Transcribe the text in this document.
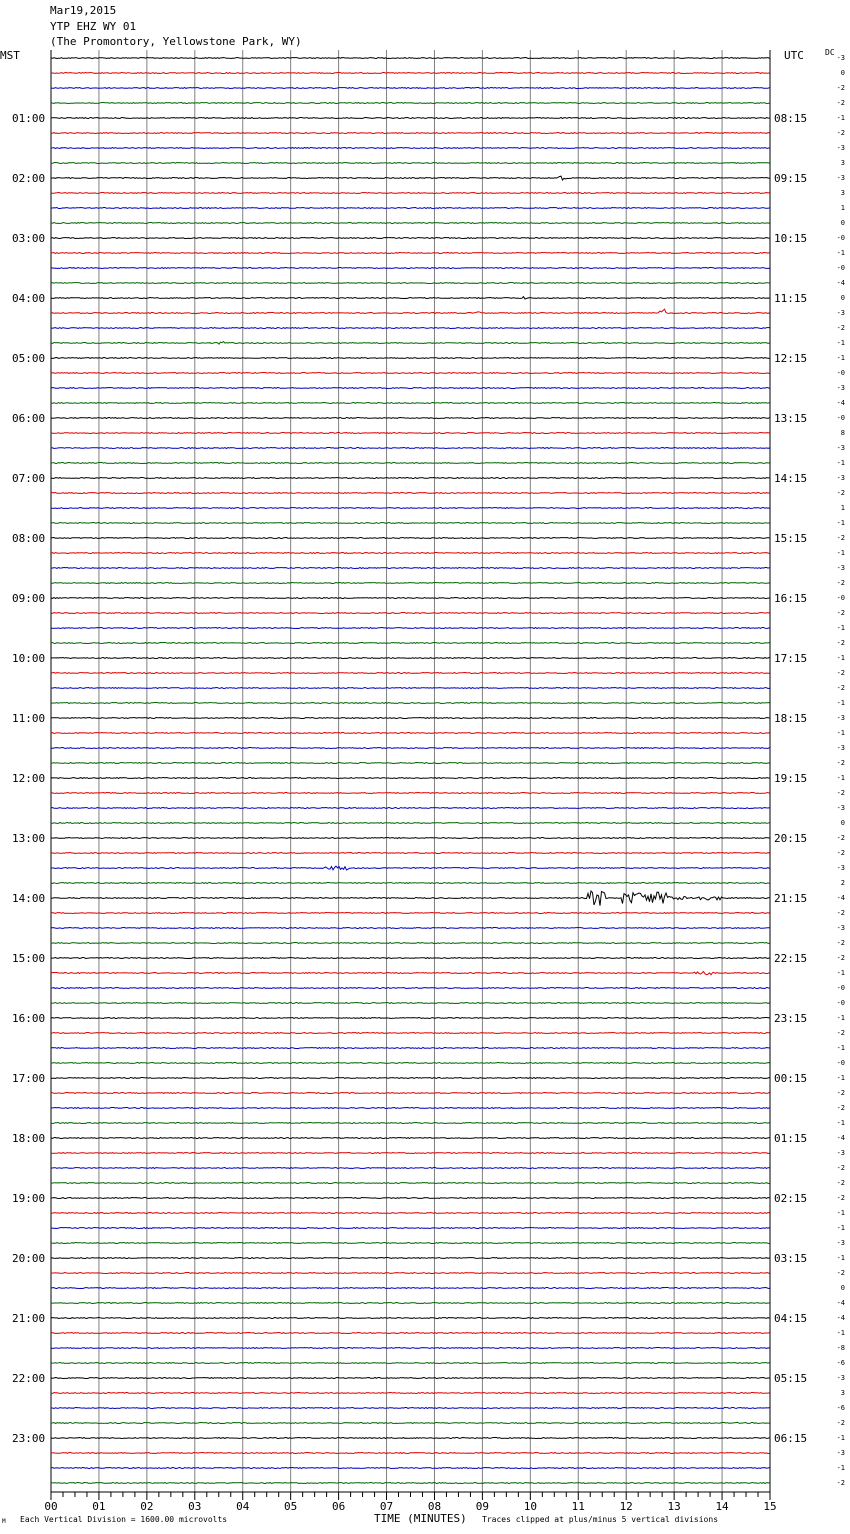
Mar19,2015
YTP EHZ WY 01
(The Promontory, Yellowstone Park, WY)
MST	UTC	DC
01:00
02:00
03:00
04:00
05:00
06:00
07:00
08:00
09:00
10:00
11:00
12:00
13:00
14:00
15:00
16:00
17:00
18:00
19:00
20:00
21:00
22:00
23:00
08:15
09:15
10:15
11:15
12:15
13:15
14:15
15:15
16:15
17:15
18:15
19:15
20:15
21:15
22:15
23:15
00:15
01:15
02:15
03:15
04:15
05:15
06:15
-3
0
-2
-2
-1
-2
-3
3
-3
3
1
0
-0
-1
-0
-4
0
-3
-2
-1
-1
-0
-3
-4
-0
8
-3
-1
-3
-2
1
-1
-2
-1
-3
-2
-0
-2
-1
-2
-1
-2
-2
-1
-3
-1
-3
-2
-1
-2
-3
0
-2
-2
-3
2
-4
-2
-3
-2
-2
-1
-0
-0
-1
-2
-1
-0
-1
-2
-2
-1
-4
-3
-2
-2
-2
-1
-1
-3
-1
-2
0
-4
-4
-1
-8
-6
-3
3
-6
-2
-1
-3
-1
-2
00	01	02	03	04	05	06	07	08	09	10	11	12	13	14	15
M Each Vertical Division = 1600.00 microvolts	TIME (MINUTES) Traces clipped at plus/minus 5 vertical divisions
